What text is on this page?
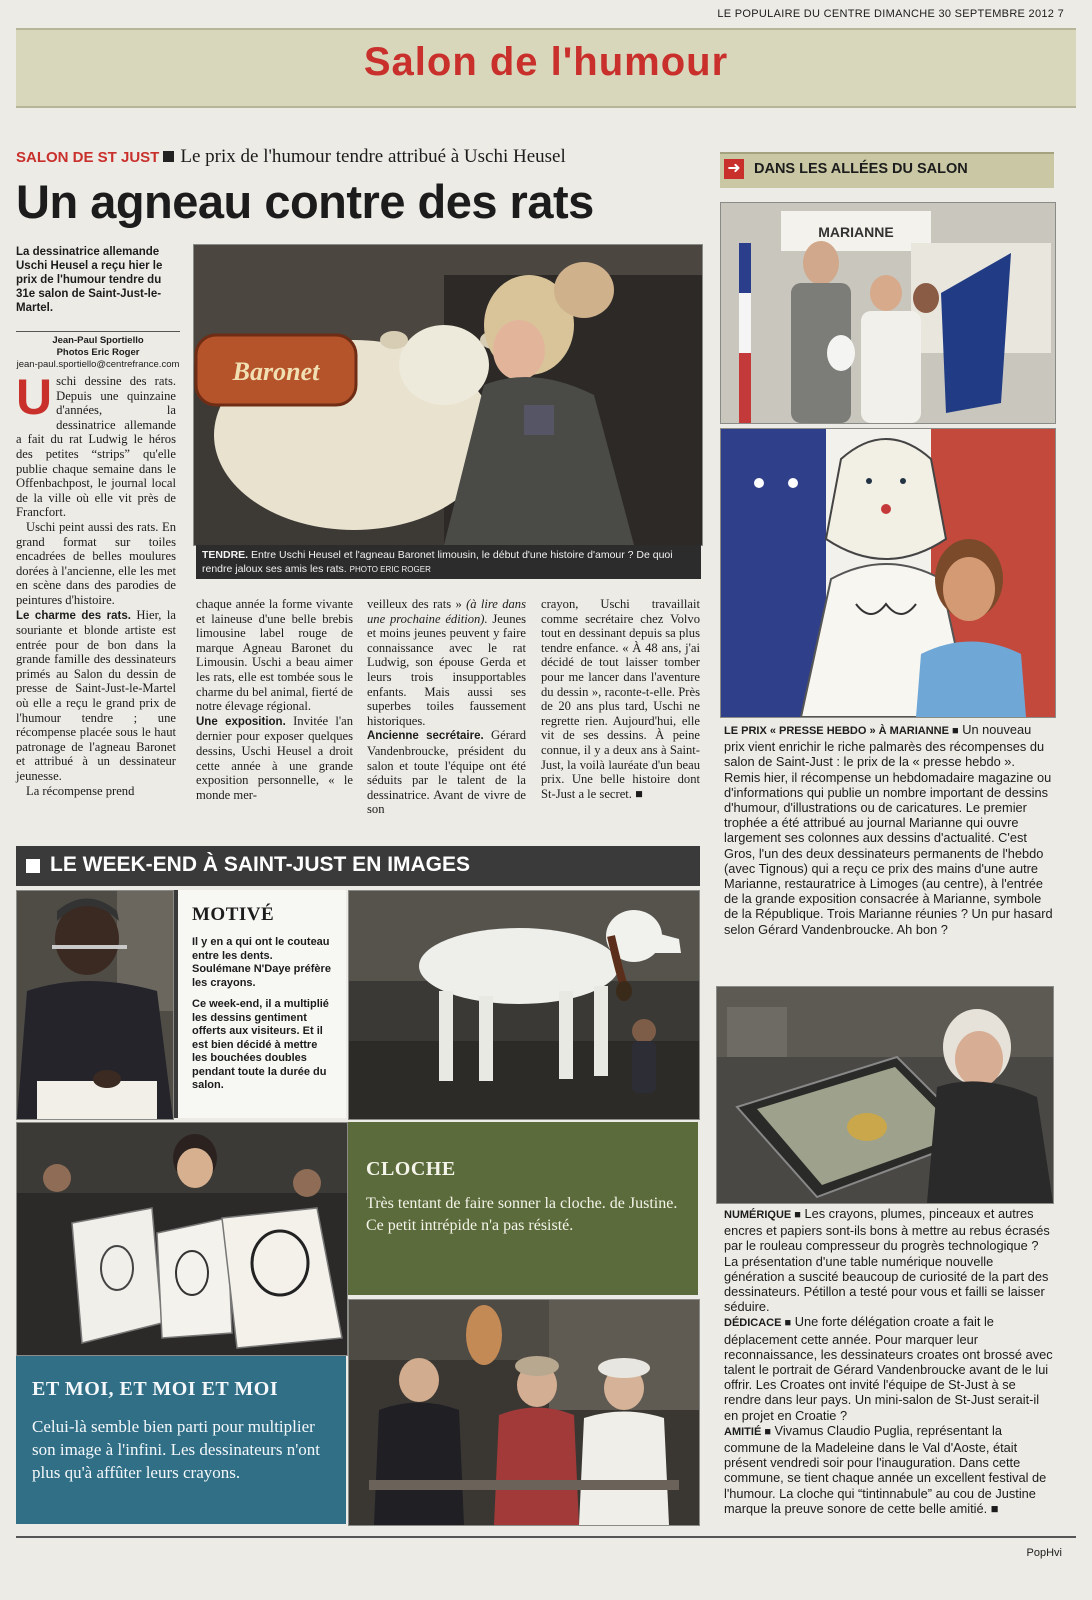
LE POPULAIRE DU CENTRE DIMANCHE 30 SEPTEMBRE 2012 7
Salon de l'humour
SALON DE ST JUST Le prix de l'humour tendre attribué à Uschi Heusel
Un agneau contre des rats
La dessinatrice allemande Uschi Heusel a reçu hier le prix de l'humour tendre du 31e salon de Saint-Just-le-Martel.
Jean-Paul Sportiello
Photos Eric Roger
jean-paul.sportiello@centrefrance.com Baronet
TENDRE. Entre Uschi Heusel et l'agneau Baronet limousin, le début d'une histoire d'amour ? De quoi rendre jaloux ses amis les rats. PHOTO ERIC ROGER

Uschi dessine des rats. Depuis une quinzaine d'années, la dessinatrice allemande a fait du rat Ludwig le héros des petites “strips” qu'elle publie chaque semaine dans le Offenbachpost, le journal local de la ville où elle vit près de Francfort.

Uschi peint aussi des rats. En grand format sur toiles encadrées de belles moulures dorées à l'ancienne, elle les met en scène dans des parodies de peintures d'histoire.

Le charme des rats. Hier, la souriante et blonde artiste est entrée pour de bon dans la grande famille des dessinateurs primés au Salon du dessin de presse de Saint-Just-le-Martel où elle a reçu le grand prix de l'humour tendre ; une récompense placée sous le haut patronage de l'agneau Baronet et attribué à un dessinateur jeunesse.

La récompense prend

chaque année la forme vivante et laineuse d'une belle brebis limousine label rouge de marque Agneau Baronet du Limousin. Uschi a beau aimer les rats, elle est tombée sous le charme du bel animal, fierté de notre élevage régional.

Une exposition. Invitée l'an dernier pour exposer quelques dessins, Uschi Heusel a droit cette année à une grande exposition personnelle, « le monde mer-

veilleux des rats » (à lire dans une prochaine édition). Jeunes et moins jeunes peuvent y faire connaissance avec le rat Ludwig, son épouse Gerda et leurs trois insupportables enfants. Mais aussi ses superbes toiles faussement historiques.

Ancienne secrétaire. Gérard Vandenbroucke, président du salon et toute l'équipe ont été séduits par le talent de la dessinatrice. Avant de vivre de son

crayon, Uschi travaillait comme secrétaire chez Volvo tout en dessinant depuis sa plus tendre enfance. « À 48 ans, j'ai décidé de tout laisser tomber pour me lancer dans l'aventure du dessin », raconte-t-elle. Près de 20 ans plus tard, Uschi ne regrette rien. Aujourd'hui, elle vit de ses dessins. À peine connue, il y a deux ans à Saint-Just, la voilà lauréate d'un beau prix. Une belle histoire dont St-Just a le secret. ■

➜ DANS LES ALLÉES DU SALON
MARIANNE
LE PRIX « PRESSE HEBDO » À MARIANNE ■ Un nouveau prix vient enrichir le riche palmarès des récompenses du salon de Saint-Just : le prix de la « presse hebdo ». Remis hier, il récompense un hebdomadaire magazine ou d'informations qui publie un nombre important de dessins d'humour, d'illustrations ou de caricatures. Le premier trophée a été attribué au journal Marianne qui ouvre largement ses colonnes aux dessins d'actualité. C'est Gros, l'un des deux dessinateurs permanents de l'hebdo (avec Tignous) qui a reçu ce prix des mains d'une autre Marianne, restauratrice à Limoges (au centre), à l'entrée de la grande exposition consacrée à Marianne, symbole de la République. Trois Marianne réunies ? Un pur hasard selon Gérard Vandenbroucke. Ah bon ?
NUMÉRIQUE ■ Les crayons, plumes, pinceaux et autres encres et papiers sont-ils bons à mettre au rebus écrasés par le rouleau compresseur du progrès technologique ? La présentation d'une table numérique nouvelle génération a suscité beaucoup de curiosité de la part des dessinateurs. Pétillon a testé pour vous et failli se laisser séduire.
DÉDICACE ■ Une forte délégation croate a fait le déplacement cette année. Pour marquer leur reconnaissance, les dessinateurs croates ont brossé avec talent le portrait de Gérard Vandenbroucke avant de le lui offrir. Les Croates ont invité l'équipe de St-Just à se rendre dans leur pays. Un mini-salon de St-Just serait-il en projet en Croatie ?
AMITIÉ ■ Vivamus Claudio Puglia, représentant la commune de la Madeleine dans le Val d'Aoste, était présent vendredi soir pour l'inauguration. Dans cette commune, se tient chaque année un excellent festival de l'humour. La cloche qui “tintinnabule” au cou de Justine marque la preuve sonore de cette belle amitié. ■
LE WEEK-END À SAINT-JUST EN IMAGES
MOTIVÉ

Il y en a qui ont le couteau entre les dents. Soulémane N'Daye préfère les crayons.

Ce week-end, il a multiplié les dessins gentiment offerts aux visiteurs. Et il est bien décidé à mettre les bouchées doubles pendant toute la durée du salon.

CLOCHE

Très tentant de faire sonner la cloche. de Justine. Ce petit intrépide n'a pas résisté.

ET MOI, ET MOI ET MOI

Celui-là semble bien parti pour multiplier son image à l'infini. Les dessinateurs n'ont plus qu'à affûter leurs crayons.

PopHvi
